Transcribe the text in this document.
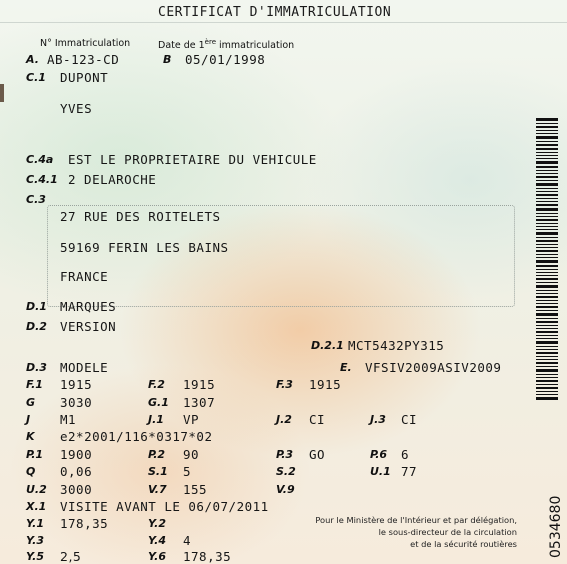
CERTIFICAT D'IMMATRICULATION
N° Immatriculation	Date de 1ère immatriculation
A. AB-123-CD	B 05/01/1998
C.1 DUPONT
YVES
C.4a EST LE PROPRIETAIRE DU VEHICULE
C.4.1 2 DELAROCHE
C.3
27 RUE DES ROITELETS
59169 FERIN LES BAINS
FRANCE
D.1 MARQUES
D.2 VERSION
D.2.1 MCT5432PY315
D.3 MODELE	E. VFSIV2009ASIV2009
F.1 1915	F.2 1915	F.3 1915
G 3030	G.1 1307
J M1	J.1 VP	J.2 CI	J.3 CI
K e2*2001/116*0317*02
P.1 1900	P.2 90	P.3 GO	P.6 6
Q 0,06	S.1 5	S.2	U.1 77
U.2 3000	V.7 155	V.9
X.1 VISITE AVANT LE 06/07/2011
Y.1 178,35	Y.2
Y.3	Y.4 4
Y.5 2,5	Y.6 178,35
Pour le Ministère de l'Intérieur et par délégation,
le sous-directeur de la circulation
et de la sécurité routières 0534680
